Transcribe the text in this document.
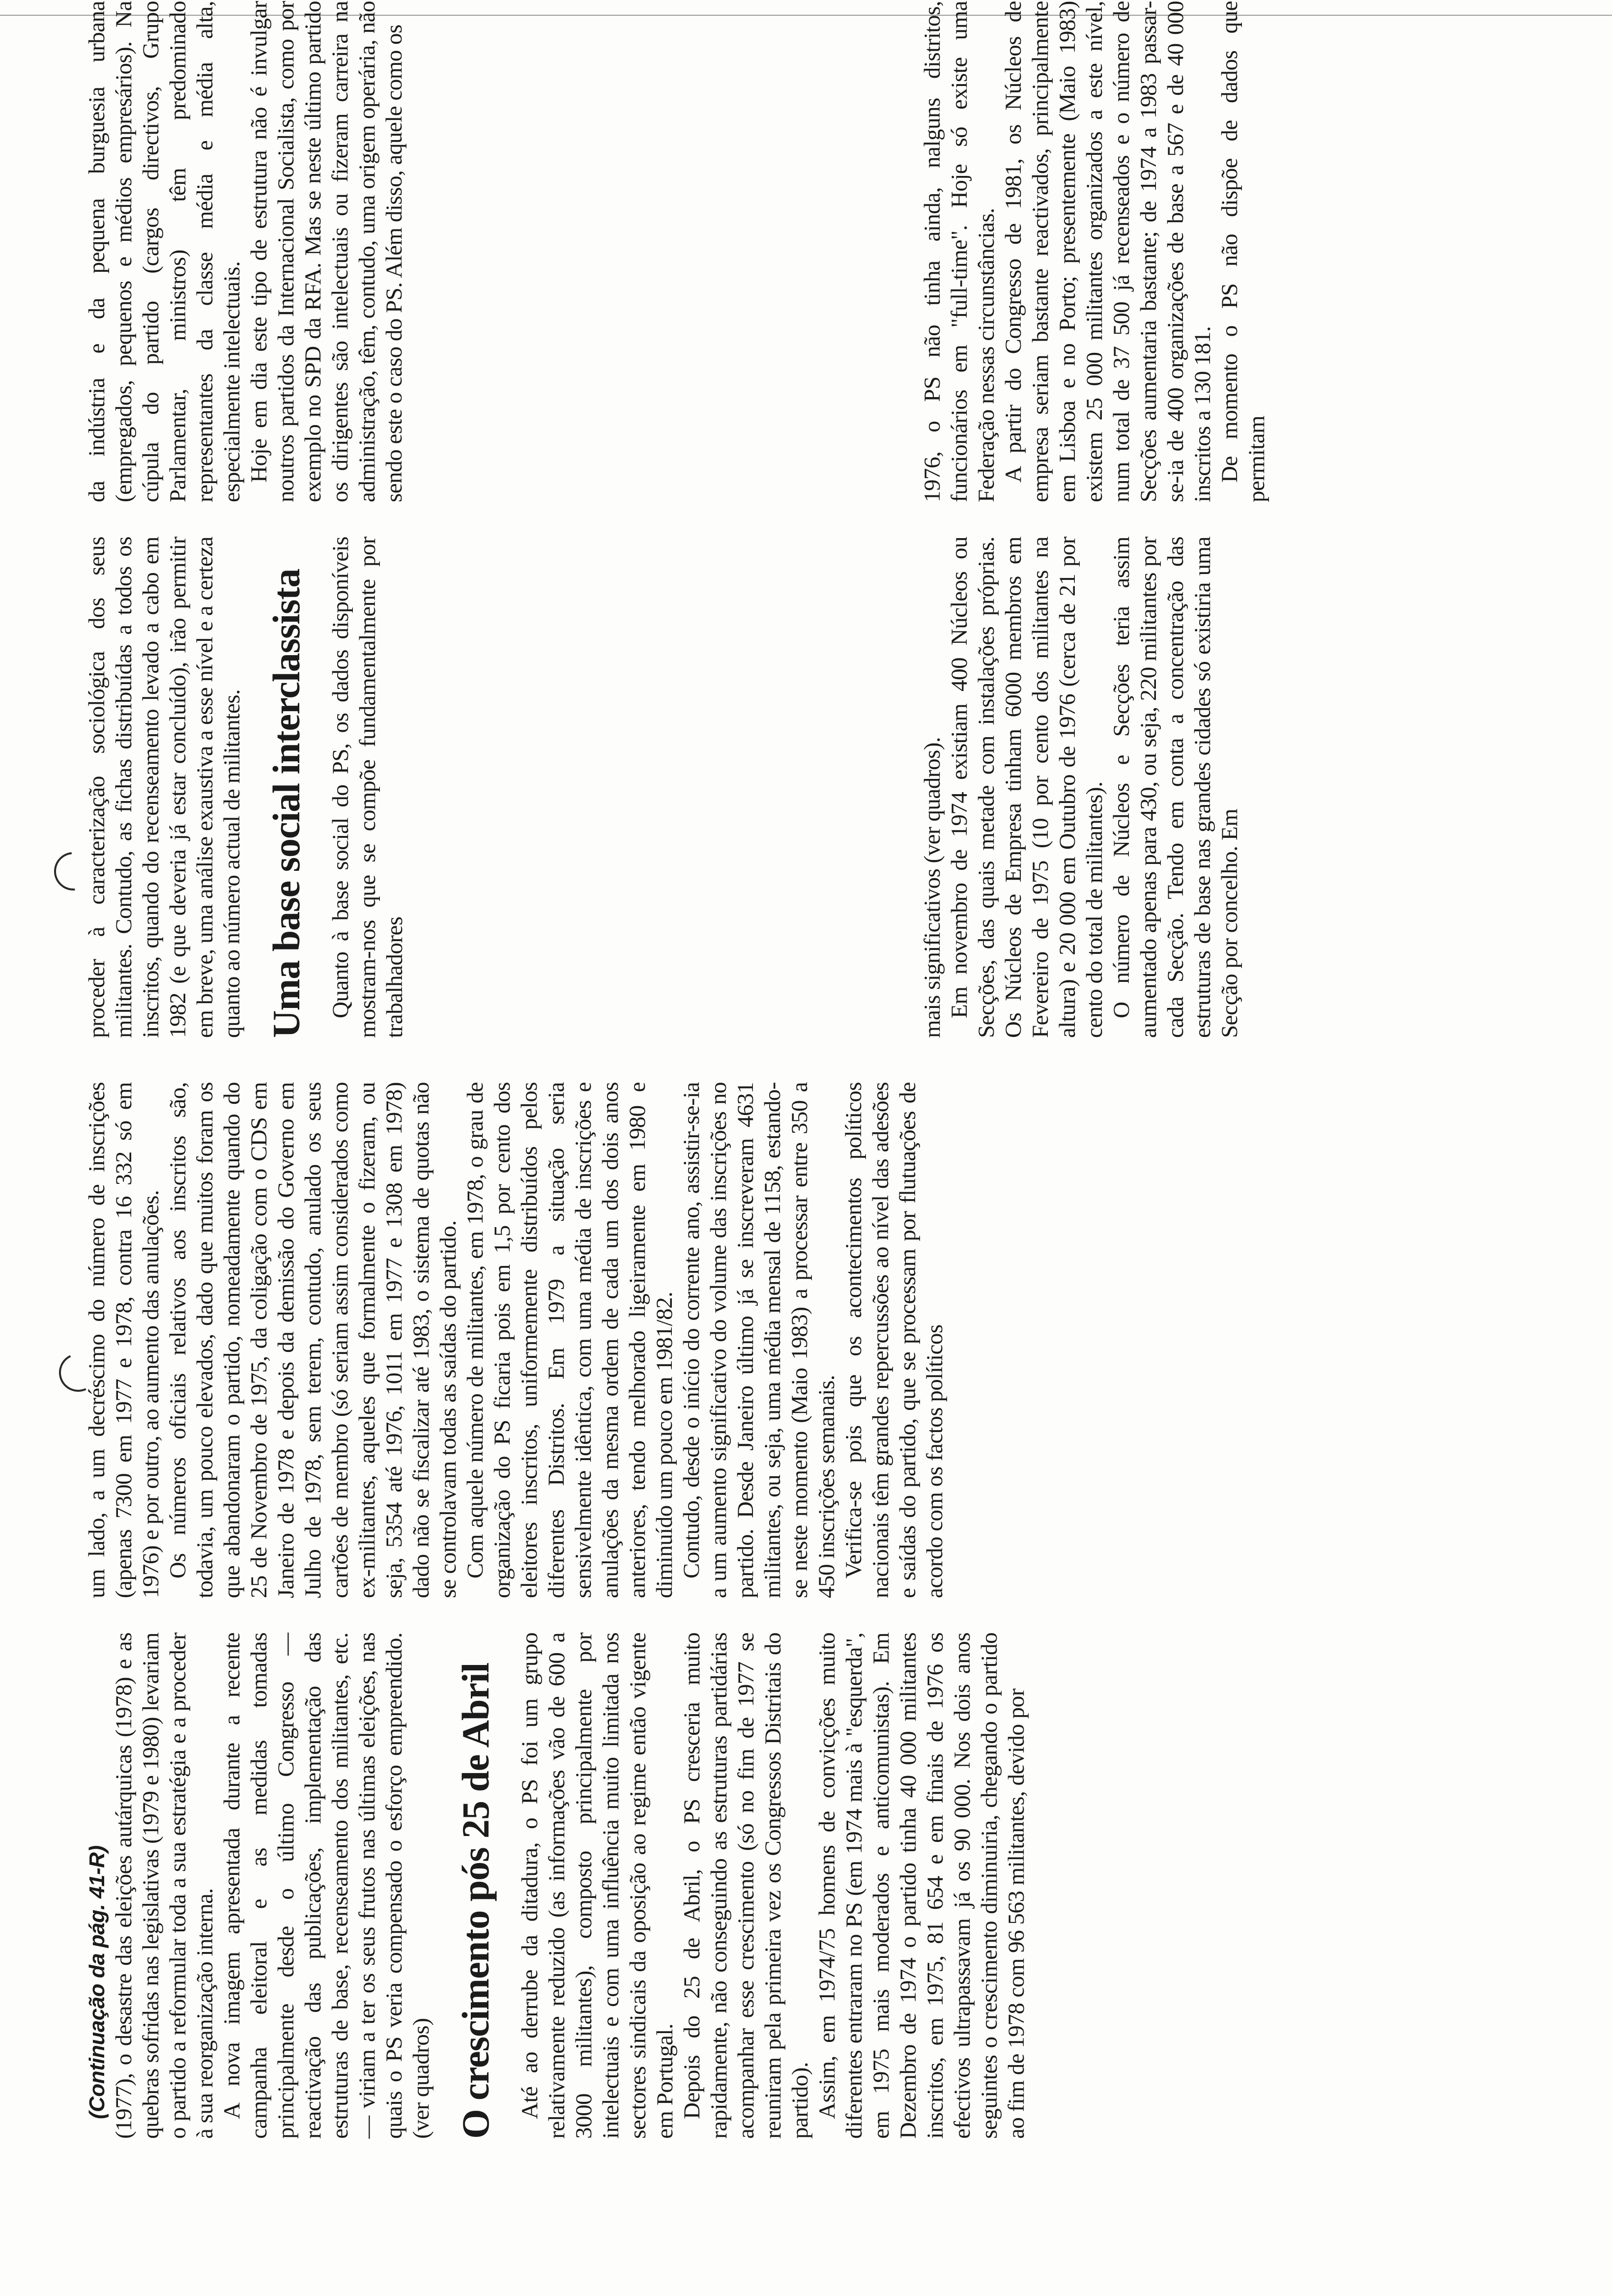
(Continuação da pág. 41-R) (1977), o desastre das eleições autárquicas (1978) e as quebras sofridas nas legislativas (1979 e 1980) levariam o partido a reformular toda a sua estratégia e a proceder à sua reorganização interna. A nova imagem apresentada durante a recente campanha eleitoral e as medidas tomadas principalmente desde o último Congresso — reactivação das publicações, implementação das estruturas de base, recenseamento dos militantes, etc. — viriam a ter os seus frutos nas últimas eleições, nas quais o PS veria compensado o esforço empreendido. (ver quadros) O crescimento pós 25 de Abril Até ao derrube da ditadura, o PS foi um grupo relativamente reduzido (as informações vão de 600 a 3000 militantes), composto principalmente por intelectuais e com uma influência muito limitada nos sectores sindicais da oposição ao regime então vigente em Portugal. Depois do 25 de Abril, o PS cresceria muito rapidamente, não conseguindo as estruturas partidárias acompanhar esse crescimento (só no fim de 1977 se reuniram pela primeira vez os Congressos Distritais do partido). Assim, em 1974/75 homens de convicções muito diferentes entraram no PS (em 1974 mais à "esquerda", em 1975 mais moderados e anticomunistas). Em Dezembro de 1974 o partido tinha 40 000 militantes inscritos, em 1975, 81 654 e em finais de 1976 os efectivos ultrapassavam já os 90 000. Nos dois anos seguintes o crescimento diminuiria, chegando o partido ao fim de 1978 com 96 563 militantes, devido por

um lado, a um decréscimo do número de inscrições (apenas 7300 em 1977 e 1978, contra 16 332 só em 1976) e por outro, ao aumento das anulações. Os números oficiais relativos aos inscritos são, todavia, um pouco elevados, dado que muitos foram os que abandonaram o partido, nomeadamente quando do 25 de Novembro de 1975, da coligação com o CDS em Janeiro de 1978 e depois da demissão do Governo em Julho de 1978, sem terem, contudo, anulado os seus cartões de membro (só seriam assim considerados como ex-militantes, aqueles que formalmente o fizeram, ou seja, 5354 até 1976, 1011 em 1977 e 1308 em 1978) dado não se fiscalizar até 1983, o sistema de quotas não se controlavam todas as saídas do partido. Com aquele número de militantes, em 1978, o grau de organização do PS ficaria pois em 1,5 por cento dos eleitores inscritos, uniformemente distribuídos pelos diferentes Distritos. Em 1979 a situação seria sensivelmente idêntica, com uma média de inscrições e anulações da mesma ordem de cada um dos dois anos anteriores, tendo melhorado ligeiramente em 1980 e diminuído um pouco em 1981/82. Contudo, desde o início do corrente ano, assistir-se-ia a um aumento significativo do volume das inscrições no partido. Desde Janeiro último já se inscreveram 4631 militantes, ou seja, uma média mensal de 1158, estando-se neste momento (Maio 1983) a processar entre 350 a 450 inscrições semanais. Verifica-se pois que os acontecimentos políticos nacionais têm grandes repercussões ao nível das adesões e saídas do partido, que se processam por flutuações de acordo com os factos políticos

mais significativos (ver quadros). Em novembro de 1974 existiam 400 Núcleos ou Secções, das quais metade com instalações próprias. Os Núcleos de Empresa tinham 6000 membros em Fevereiro de 1975 (10 por cento dos militantes na altura) e 20 000 em Outubro de 1976 (cerca de 21 por cento do total de militantes). O número de Núcleos e Secções teria assim aumentado apenas para 430, ou seja, 220 militantes por cada Secção. Tendo em conta a concentração das estruturas de base nas grandes cidades só existiria uma Secção por concelho. Em

1976, o PS não tinha ainda, nalguns distritos, funcionários em "full-time". Hoje só existe uma Federação nessas circunstâncias. A partir do Congresso de 1981, os Núcleos de empresa seriam bastante reactivados, principalmente em Lisboa e no Porto; presentemente (Maio 1983) existem 25 000 militantes organizados a este nível, num total de 37 500 já recenseados e o número de Secções aumentaria bastante; de 1974 a 1983 passar-se-ia de 400 organizações de base a 567 e de 40 000 inscritos a 130 181. De momento o PS não dispõe de dados que permitam

proceder à caracterização sociológica dos seus militantes. Contudo, as fichas distribuídas a todos os inscritos, quando do recenseamento levado a cabo em 1982 (e que deveria já estar concluído), irão permitir em breve, uma análise exaustiva a esse nível e a certeza quanto ao número actual de militantes. Uma base social interclassista Quanto à base social do PS, os dados disponíveis mostram-nos que se compõe fundamentalmente por trabalhadores

da indústria e da pequena burguesia urbana (empregados, pequenos e médios empresários). Na cúpula do partido (cargos directivos, Grupo Parlamentar, ministros) têm predominado representantes da classe média e média alta, especialmente intelectuais. Hoje em dia este tipo de estrutura não é invulgar noutros partidos da Internacional Socialista, como por exemplo no SPD da RFA. Mas se neste último partido os dirigentes são intelectuais ou fizeram carreira na administração, têm, contudo, uma origem operária, não sendo este o caso do PS. Além disso, aquele como os
